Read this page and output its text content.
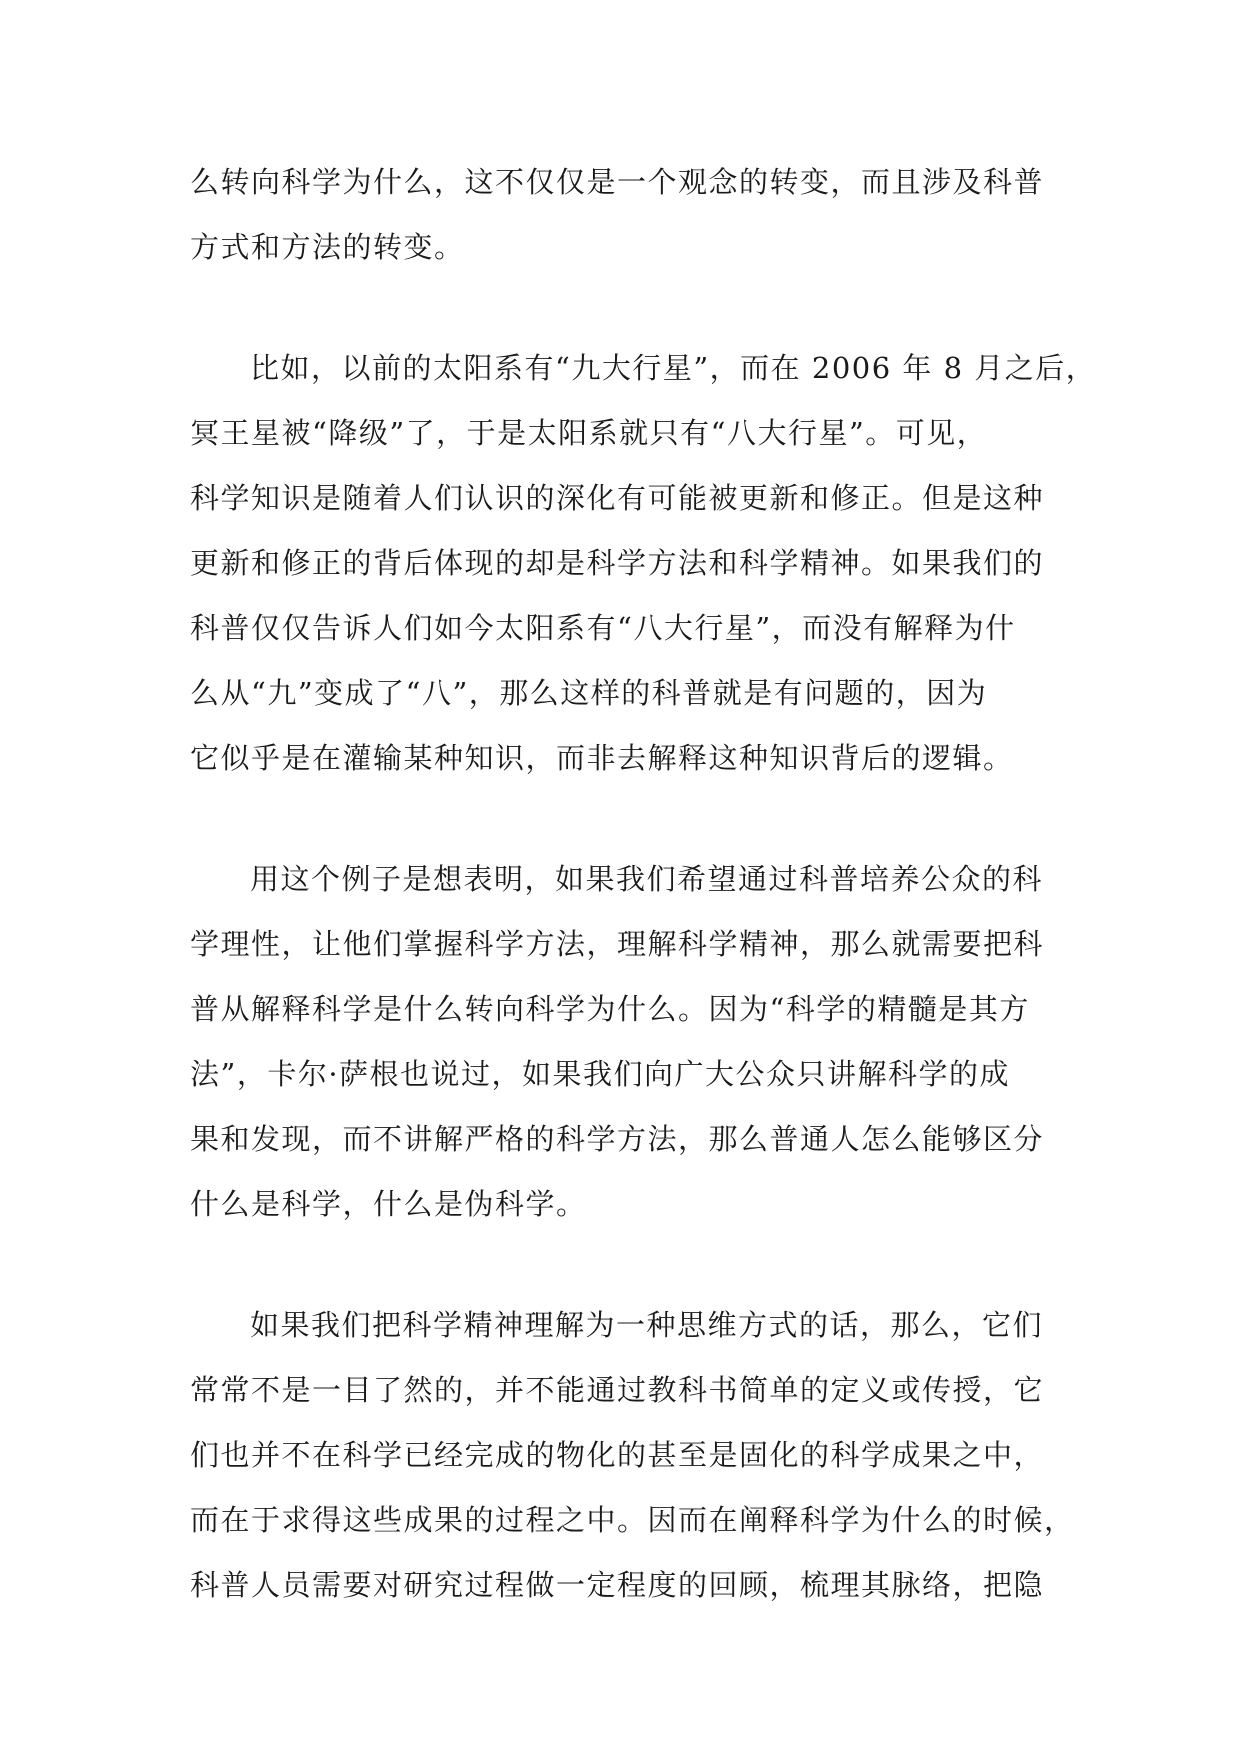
么转向科学为什么，这不仅仅是一个观念的转变，而且涉及科普
方式和方法的转变。

比如，以前的太阳系有“九大行星”，而在 2006 年 8 月之后，
冥王星被“降级”了，于是太阳系就只有“八大行星”。可见，
科学知识是随着人们认识的深化有可能被更新和修正。但是这种
更新和修正的背后体现的却是科学方法和科学精神。如果我们的
科普仅仅告诉人们如今太阳系有“八大行星”，而没有解释为什
么从“九”变成了“八”，那么这样的科普就是有问题的，因为
它似乎是在灌输某种知识，而非去解释这种知识背后的逻辑。

用这个例子是想表明，如果我们希望通过科普培养公众的科
学理性，让他们掌握科学方法，理解科学精神，那么就需要把科
普从解释科学是什么转向科学为什么。因为“科学的精髓是其方
法”，卡尔·萨根也说过，如果我们向广大公众只讲解科学的成
果和发现，而不讲解严格的科学方法，那么普通人怎么能够区分
什么是科学，什么是伪科学。

如果我们把科学精神理解为一种思维方式的话，那么，它们
常常不是一目了然的，并不能通过教科书简单的定义或传授，它
们也并不在科学已经完成的物化的甚至是固化的科学成果之中，
而在于求得这些成果的过程之中。因而在阐释科学为什么的时候，
科普人员需要对研究过程做一定程度的回顾，梳理其脉络，把隐
